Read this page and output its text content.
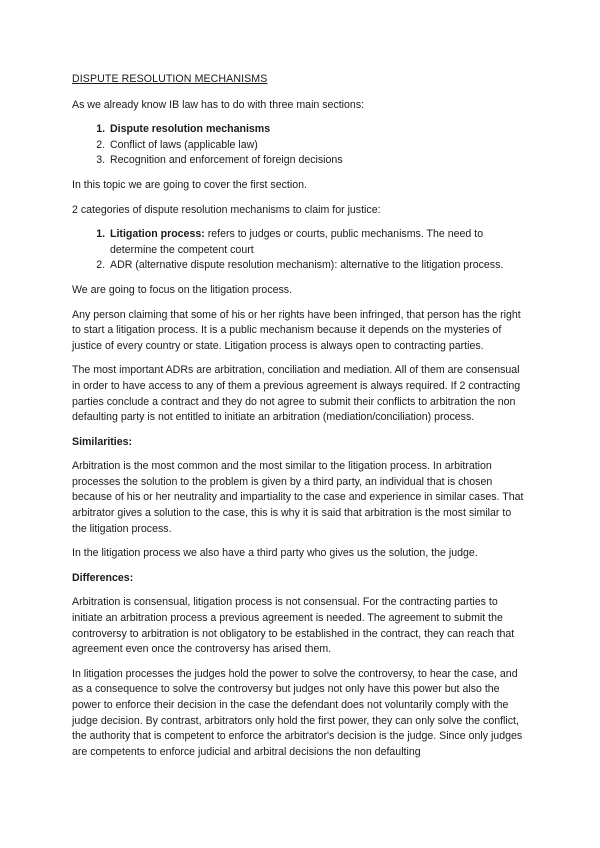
DISPUTE RESOLUTION MECHANISMS

As we already know IB law has to do with three main sections:

1. Dispute resolution mechanisms
2. Conflict of laws (applicable law)
3. Recognition and enforcement of foreign decisions

In this topic we are going to cover the first section.

2 categories of dispute resolution mechanisms to claim for justice:

1. Litigation process: refers to judges or courts, public mechanisms. The need to determine the competent court
2. ADR (alternative dispute resolution mechanism): alternative to the litigation process.

We are going to focus on the litigation process.

Any person claiming that some of his or her rights have been infringed, that person has the right to start a litigation process. It is a public mechanism because it depends on the mysteries of justice of every country or state. Litigation process is always open to contracting parties.

The most important ADRs are arbitration, conciliation and mediation. All of them are consensual in order to have access to any of them a previous agreement is always required. If 2 contracting parties conclude a contract and they do not agree to submit their conflicts to arbitration the non defaulting party is not entitled to initiate an arbitration (mediation/conciliation) process.

Similarities:

Arbitration is the most common and the most similar to the litigation process. In arbitration processes the solution to the problem is given by a third party, an individual that is chosen because of his or her neutrality and impartiality to the case and experience in similar cases. That arbitrator gives a solution to the case, this is why it is said that arbitration is the most similar to the litigation process.

In the litigation process we also have a third party who gives us the solution, the judge.

Differences:

Arbitration is consensual, litigation process is not consensual. For the contracting parties to initiate an arbitration process a previous agreement is needed. The agreement to submit the controversy to arbitration is not obligatory to be established in the contract, they can reach that agreement even once the controversy has arised them.

In litigation processes the judges hold the power to solve the controversy, to hear the case, and as a consequence to solve the controversy but judges not only have this power but also the power to enforce their decision in the case the defendant does not voluntarily comply with the judge decision. By contrast, arbitrators only hold the first power, they can only solve the conflict, the authority that is competent to enforce the arbitrator's decision is the judge. Since only judges are competents to enforce judicial and arbitral decisions the non defaulting
